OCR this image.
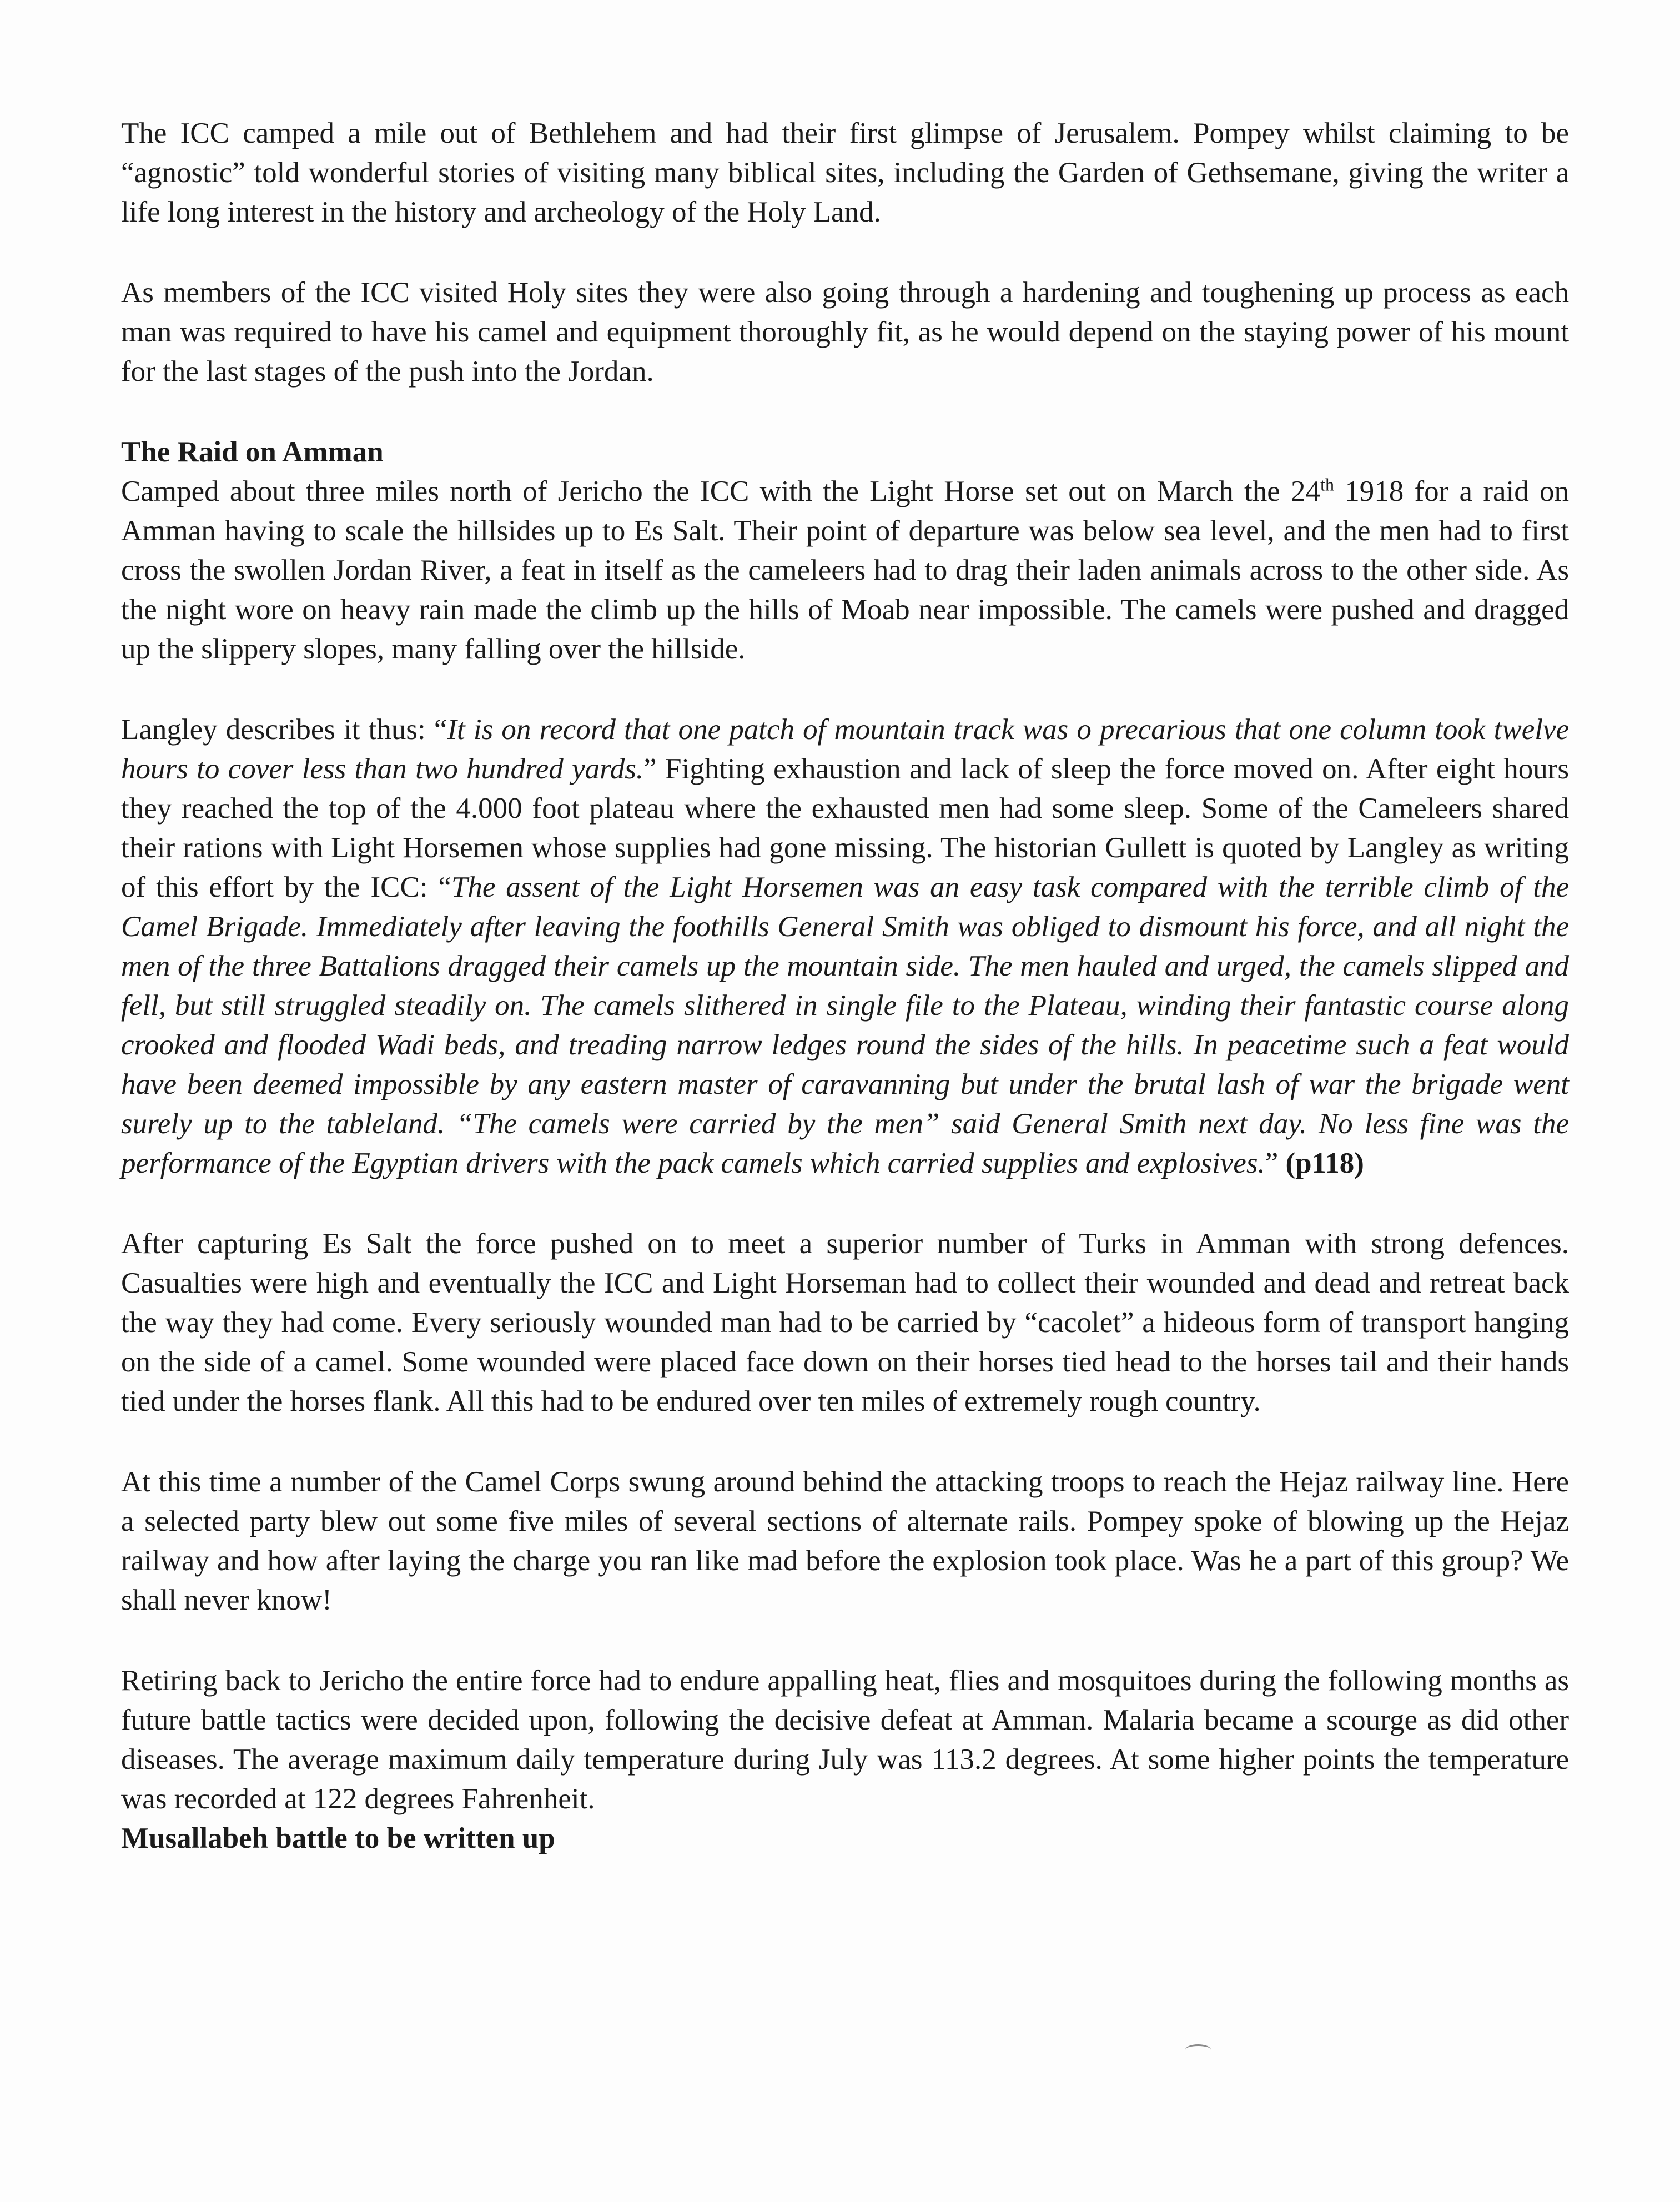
The ICC camped a mile out of Bethlehem and had their first glimpse of Jerusalem. Pompey whilst claiming to be “agnostic” told wonderful stories of visiting many biblical sites, including the Garden of Gethsemane, giving the writer a life long interest in the history and archeology of the Holy Land.

As members of the ICC visited Holy sites they were also going through a hardening and toughening up process as each man was required to have his camel and equipment thoroughly fit, as he would depend on the staying power of his mount for the last stages of the push into the Jordan.

The Raid on Amman
Camped about three miles north of Jericho the ICC with the Light Horse set out on March the 24th 1918 for a raid on Amman having to scale the hillsides up to Es Salt. Their point of departure was below sea level, and the men had to first cross the swollen Jordan River, a feat in itself as the cameleers had to drag their laden animals across to the other side. As the night wore on heavy rain made the climb up the hills of Moab near impossible. The camels were pushed and dragged up the slippery slopes, many falling over the hillside.

Langley describes it thus: “It is on record that one patch of mountain track was o precarious that one column took twelve hours to cover less than two hundred yards.” Fighting exhaustion and lack of sleep the force moved on. After eight hours they reached the top of the 4.000 foot plateau where the exhausted men had some sleep. Some of the Cameleers shared their rations with Light Horsemen whose supplies had gone missing. The historian Gullett is quoted by Langley as writing of this effort by the ICC: “The assent of the Light Horsemen was an easy task compared with the terrible climb of the Camel Brigade. Immediately after leaving the foothills General Smith was obliged to dismount his force, and all night the men of the three Battalions dragged their camels up the mountain side. The men hauled and urged, the camels slipped and fell, but still struggled steadily on. The camels slithered in single file to the Plateau, winding their fantastic course along crooked and flooded Wadi beds, and treading narrow ledges round the sides of the hills. In peacetime such a feat would have been deemed impossible by any eastern master of caravanning but under the brutal lash of war the brigade went surely up to the tableland. “The camels were carried by the men” said General Smith next day. No less fine was the performance of the Egyptian drivers with the pack camels which carried supplies and explosives.” (p118)

After capturing Es Salt the force pushed on to meet a superior number of Turks in Amman with strong defences. Casualties were high and eventually the ICC and Light Horseman had to collect their wounded and dead and retreat back the way they had come. Every seriously wounded man had to be carried by “cacolet” a hideous form of transport hanging on the side of a camel. Some wounded were placed face down on their horses tied head to the horses tail and their hands tied under the horses flank. All this had to be endured over ten miles of extremely rough country.

At this time a number of the Camel Corps swung around behind the attacking troops to reach the Hejaz railway line. Here a selected party blew out some five miles of several sections of alternate rails. Pompey spoke of blowing up the Hejaz railway and how after laying the charge you ran like mad before the explosion took place. Was he a part of this group? We shall never know!

Retiring back to Jericho the entire force had to endure appalling heat, flies and mosquitoes during the following months as future battle tactics were decided upon, following the decisive defeat at Amman. Malaria became a scourge as did other diseases. The average maximum daily temperature during July was 113.2 degrees. At some higher points the temperature was recorded at 122 degrees Fahrenheit.
Musallabeh battle to be written up
